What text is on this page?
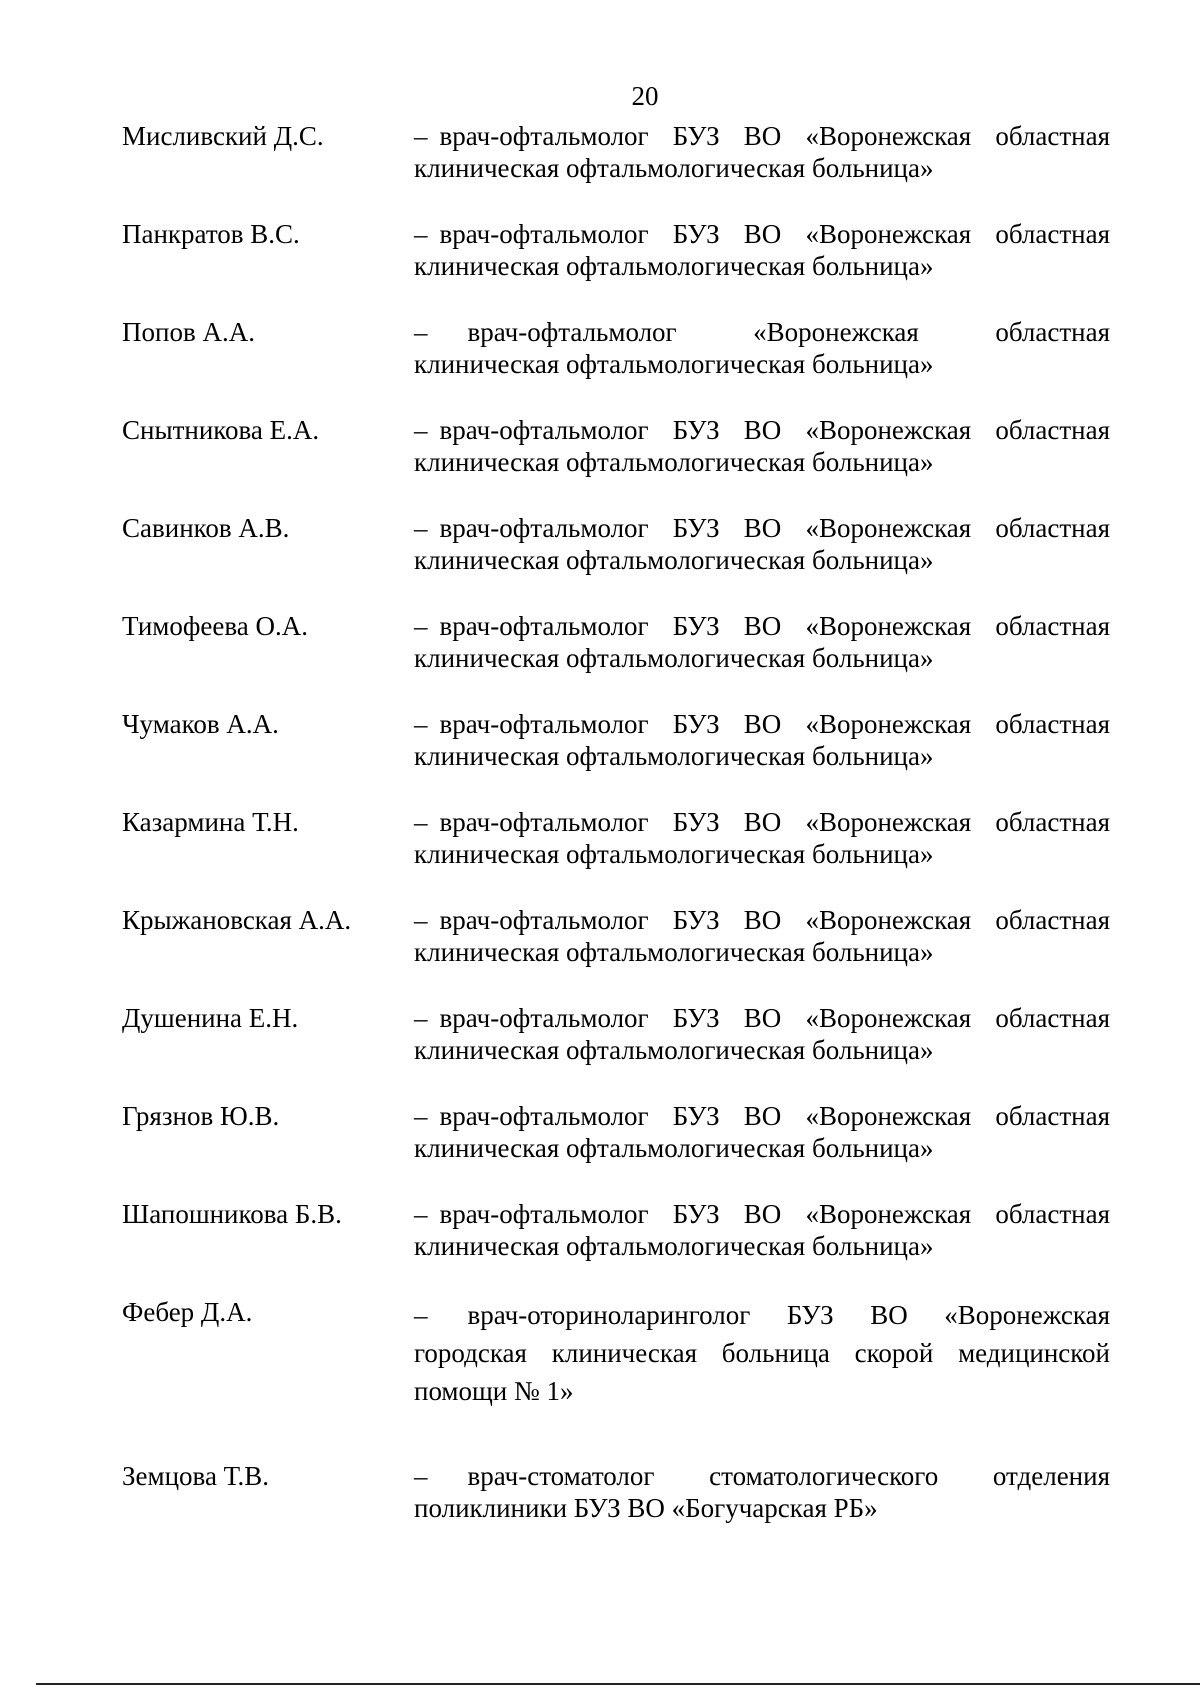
20
Мисливский Д.С.	– врач-офтальмолог БУЗ ВО «Воронежская областная клиническая офтальмологическая больница»
Панкратов В.С.	– врач-офтальмолог БУЗ ВО «Воронежская областная клиническая офтальмологическая больница»
Попов А.А.	– врач-офтальмолог «Воронежская областная клиническая офтальмологическая больница»
Снытникова Е.А.	– врач-офтальмолог БУЗ ВО «Воронежская областная клиническая офтальмологическая больница»
Савинков А.В.	– врач-офтальмолог БУЗ ВО «Воронежская областная клиническая офтальмологическая больница»
Тимофеева О.А.	– врач-офтальмолог БУЗ ВО «Воронежская областная клиническая офтальмологическая больница»
Чумаков А.А.	– врач-офтальмолог БУЗ ВО «Воронежская областная клиническая офтальмологическая больница»
Казармина Т.Н.	– врач-офтальмолог БУЗ ВО «Воронежская областная клиническая офтальмологическая больница»
Крыжановская А.А.	– врач-офтальмолог БУЗ ВО «Воронежская областная клиническая офтальмологическая больница»
Душенина Е.Н.	– врач-офтальмолог БУЗ ВО «Воронежская областная клиническая офтальмологическая больница»
Грязнов Ю.В.	– врач-офтальмолог БУЗ ВО «Воронежская областная клиническая офтальмологическая больница»
Шапошникова Б.В.	– врач-офтальмолог БУЗ ВО «Воронежская областная клиническая офтальмологическая больница»
Фебер Д.А.	– врач-оториноларинголог БУЗ ВО «Воронежская городская клиническая больница скорой медицинской помощи № 1»
Земцова Т.В.	– врач-стоматолог стоматологического отделения поликлиники БУЗ ВО «Богучарская РБ»
